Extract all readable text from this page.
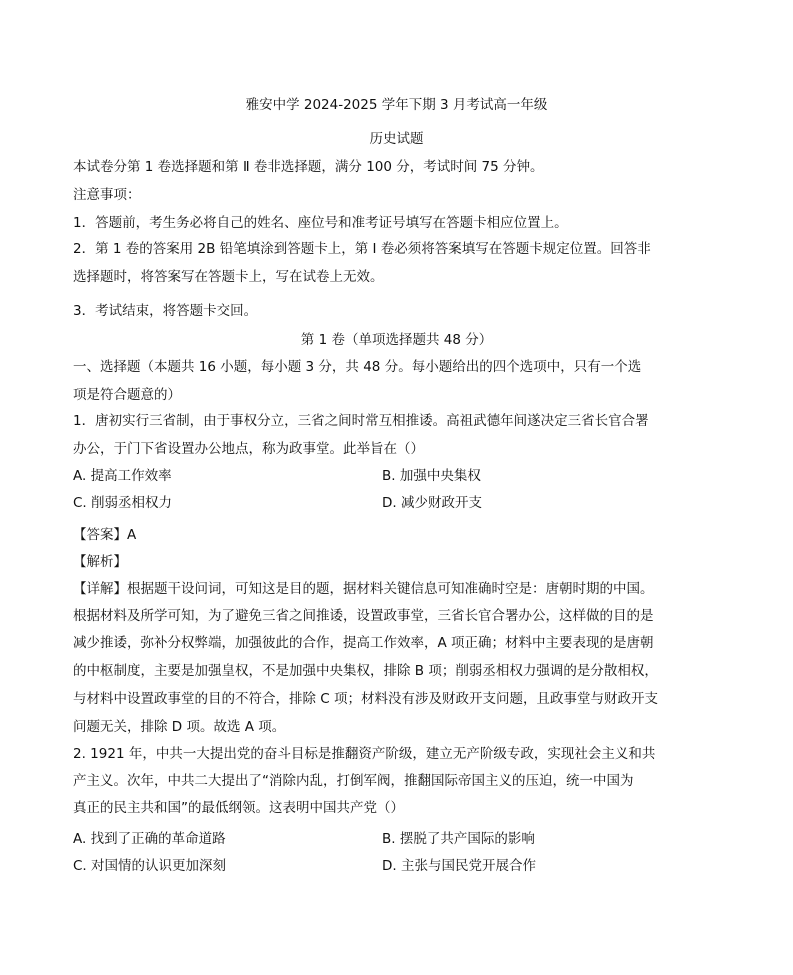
雅安中学 2024-2025 学年下期 3 月考试高一年级
历史试题
本试卷分第 1 卷选择题和第 Ⅱ 卷非选择题，满分 100 分，考试时间 75 分钟。
注意事项：
1．答题前，考生务必将自己的姓名、座位号和准考证号填写在答题卡相应位置上。
2．第 1 卷的答案用 2B 铅笔填涂到答题卡上，第 Ⅰ 卷必须将答案填写在答题卡规定位置。回答非
选择题时，将答案写在答题卡上，写在试卷上无效。
3．考试结束，将答题卡交回。
第 1 卷（单项选择题共 48 分）
一、选择题（本题共 16 小题，每小题 3 分，共 48 分。每小题给出的四个选项中，只有一个选
项是符合题意的）
1．唐初实行三省制，由于事权分立，三省之间时常互相推诿。高祖武德年间遂决定三省长官合署
办公，于门下省设置办公地点，称为政事堂。此举旨在（）
A. 提高工作效率	B. 加强中央集权
C. 削弱丞相权力	D. 减少财政开支
【答案】A
【解析】
【详解】根据题干设问词，可知这是目的题，据材料关键信息可知准确时空是：唐朝时期的中国。
根据材料及所学可知，为了避免三省之间推诿，设置政事堂，三省长官合署办公，这样做的目的是
减少推诿，弥补分权弊端，加强彼此的合作，提高工作效率，A 项正确；材料中主要表现的是唐朝
的中枢制度，主要是加强皇权，不是加强中央集权，排除 B 项；削弱丞相权力强调的是分散相权，
与材料中设置政事堂的目的不符合，排除 C 项；材料没有涉及财政开支问题，且政事堂与财政开支
问题无关，排除 D 项。故选 A 项。
2. 1921 年，中共一大提出党的奋斗目标是推翻资产阶级，建立无产阶级专政，实现社会主义和共
产主义。次年，中共二大提出了“消除内乱，打倒军阀，推翻国际帝国主义的压迫，统一中国为
真正的民主共和国”的最低纲领。这表明中国共产党（）
A. 找到了正确的革命道路	B. 摆脱了共产国际的影响
C. 对国情的认识更加深刻	D. 主张与国民党开展合作
